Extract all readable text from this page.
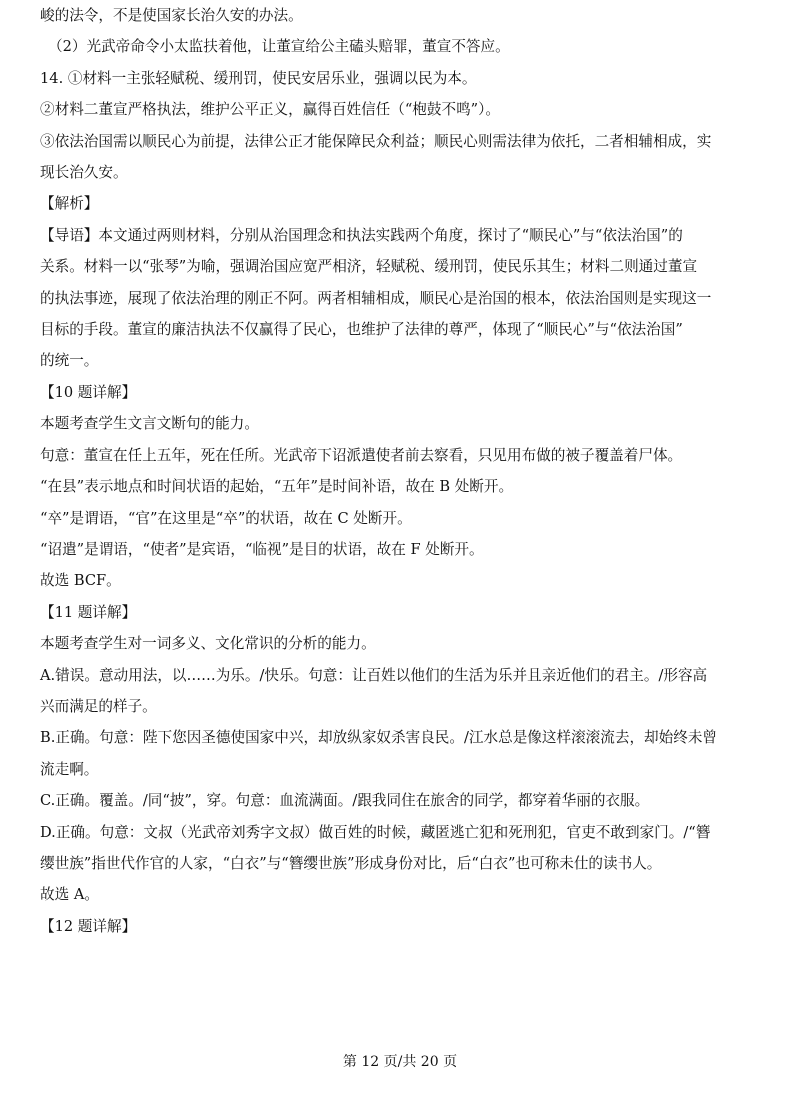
峻的法令，不是使国家长治久安的办法。

（2）光武帝命令小太监扶着他，让董宣给公主磕头赔罪，董宣不答应。

14. ①材料一主张轻赋税、缓刑罚，使民安居乐业，强调以民为本。

②材料二董宣严格执法，维护公平正义，赢得百姓信任（“枹鼓不鸣”）。

③依法治国需以顺民心为前提，法律公正才能保障民众利益；顺民心则需法律为依托，二者相辅相成，实

现长治久安。

【解析】

【导语】本文通过两则材料，分别从治国理念和执法实践两个角度，探讨了“顺民心”与“依法治国”的

关系。材料一以“张琴”为喻，强调治国应宽严相济，轻赋税、缓刑罚，使民乐其生；材料二则通过董宣

的执法事迹，展现了依法治理的刚正不阿。两者相辅相成，顺民心是治国的根本，依法治国则是实现这一

目标的手段。董宣的廉洁执法不仅赢得了民心，也维护了法律的尊严，体现了“顺民心”与“依法治国”

的统一。

【10 题详解】

本题考查学生文言文断句的能力。

句意：董宣在任上五年，死在任所。光武帝下诏派遣使者前去察看，只见用布做的被子覆盖着尸体。

“在县”表示地点和时间状语的起始，“五年”是时间补语，故在 B 处断开。

“卒”是谓语，“官”在这里是“卒”的状语，故在 C 处断开。

“诏遣”是谓语，“使者”是宾语，“临视”是目的状语，故在 F 处断开。

故选 BCF。

【11 题详解】

本题考查学生对一词多义、文化常识的分析的能力。

A.错误。意动用法，以……为乐。/快乐。句意：让百姓以他们的生活为乐并且亲近他们的君主。/形容高

兴而满足的样子。

B.正确。句意：陛下您因圣德使国家中兴，却放纵家奴杀害良民。/江水总是像这样滚滚流去，却始终未曾

流走啊。

C.正确。覆盖。/同“披”，穿。句意：血流满面。/跟我同住在旅舍的同学，都穿着华丽的衣服。

D.正确。句意：文叔（光武帝刘秀字文叔）做百姓的时候，藏匿逃亡犯和死刑犯，官吏不敢到家门。/“簪

缨世族”指世代作官的人家，“白衣”与“簪缨世族”形成身份对比，后“白衣”也可称未仕的读书人。

故选 A。

【12 题详解】

第 12 页/共 20 页
